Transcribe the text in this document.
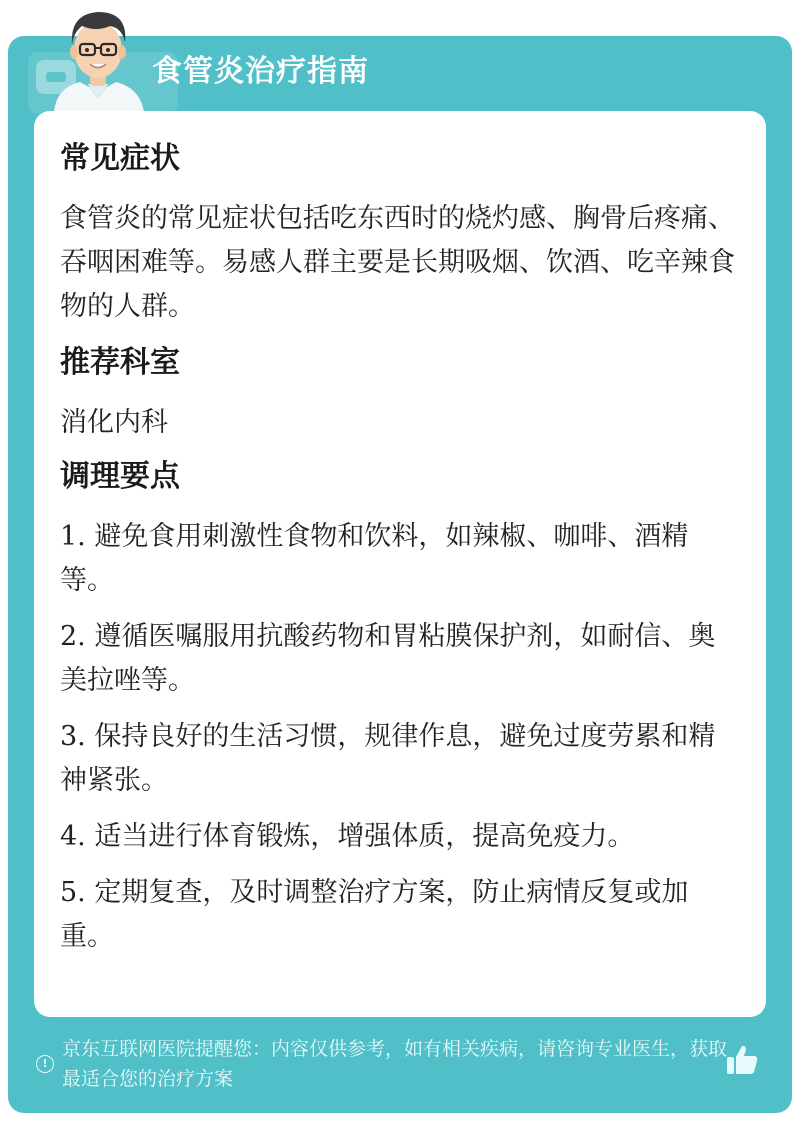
食管炎治疗指南
常见症状
食管炎的常见症状包括吃东西时的烧灼感、胸骨后疼痛、吞咽困难等。易感人群主要是长期吸烟、饮酒、吃辛辣食物的人群。
推荐科室
消化内科
调理要点
1. 避免食用刺激性食物和饮料，如辣椒、咖啡、酒精等。
2. 遵循医嘱服用抗酸药物和胃粘膜保护剂，如耐信、奥美拉唑等。
3. 保持良好的生活习惯，规律作息，避免过度劳累和精神紧张。
4. 适当进行体育锻炼，增强体质，提高免疫力。
5. 定期复查，及时调整治疗方案，防止病情反复或加重。
!
京东互联网医院提醒您：内容仅供参考，如有相关疾病，请咨询专业医生，获取最适合您的治疗方案
